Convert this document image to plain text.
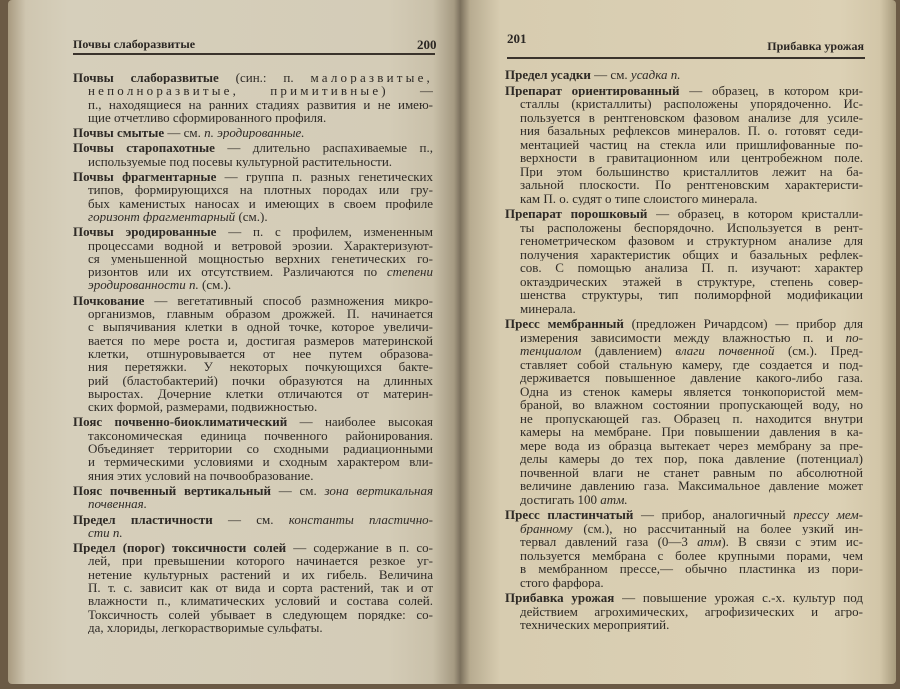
Почвы слаборазвитые	200	201	Прибавка урожая
Почвы слаборазвитые (син.: п. малоразвитые,
неполноразвитые, примитивные) —
п., находящиеся на ранних стадиях развития и не имею-
щие отчетливо сформированного профиля.
Почвы смытые — см. п. эродированные.
Почвы старопахотные — длительно распахиваемые п.,
используемые под посевы культурной растительности.
Почвы фрагментарные — группа п. разных генетических
типов, формирующихся на плотных породах или гру-
бых каменистых наносах и имеющих в своем профиле
горизонт фрагментарный (см.).
Почвы эродированные — п. с профилем, измененным
процессами водной и ветровой эрозии. Характеризуют-
ся уменьшенной мощностью верхних генетических го-
ризонтов или их отсутствием. Различаются по степени
эродированности п. (см.).
Почкование — вегетативный способ размножения микро-
организмов, главным образом дрожжей. П. начинается
с выпячивания клетки в одной точке, которое увеличи-
вается по мере роста и, достигая размеров материнской
клетки, отшнуровывается от нее путем образова-
ния перетяжки. У некоторых почкующихся бакте-
рий (бластобактерий) почки образуются на длинных
выростах. Дочерние клетки отличаются от материн-
ских формой, размерами, подвижностью.
Пояс почвенно-биоклиматический — наиболее высокая
таксономическая единица почвенного районирования.
Объединяет территории со сходными радиационными
и термическими условиями и сходным характером вли-
яния этих условий на почвообразование.
Пояс почвенный вертикальный — см. зона вертикальная
почвенная.
Предел пластичности — см. константы пластично-
сти п.
Предел (порог) токсичности солей — содержание в п. со-
лей, при превышении которого начинается резкое уг-
нетение культурных растений и их гибель. Величина
П. т. с. зависит как от вида и сорта растений, так и от
влажности п., климатических условий и состава солей.
Токсичность солей убывает в следующем порядке: со-
да, хлориды, легкорастворимые сульфаты.
Предел усадки — см. усадка п.
Препарат ориентированный — образец, в котором кри-
сталлы (кристаллиты) расположены упорядоченно. Ис-
пользуется в рентгеновском фазовом анализе для усиле-
ния базальных рефлексов минералов. П. о. готовят седи-
ментацией частиц на стекла или пришлифованные по-
верхности в гравитационном или центробежном поле.
При этом большинство кристаллитов лежит на ба-
зальной плоскости. По рентгеновским характеристи-
кам П. о. судят о типе слоистого минерала.
Препарат порошковый — образец, в котором кристалли-
ты расположены беспорядочно. Используется в рент-
генометрическом фазовом и структурном анализе для
получения характеристик общих и базальных рефлек-
сов. С помощью анализа П. п. изучают: характер
октаэдрических этажей в структуре, степень совер-
шенства структуры, тип полиморфной модификации
минерала.
Пресс мембранный (предложен Ричардсом) — прибор для
измерения зависимости между влажностью п. и по-
тенциалом (давлением) влаги почвенной (см.). Пред-
ставляет собой стальную камеру, где создается и под-
держивается повышенное давление какого-либо газа.
Одна из стенок камеры является тонкопористой мем-
браной, во влажном состоянии пропускающей воду, но
не пропускающей газ. Образец п. находится внутри
камеры на мембране. При повышении давления в ка-
мере вода из образца вытекает через мембрану за пре-
делы камеры до тех пор, пока давление (потенциал)
почвенной влаги не станет равным по абсолютной
величине давлению газа. Максимальное давление может
достигать 100 атм.
Пресс пластинчатый — прибор, аналогичный прессу мем-
бранному (см.), но рассчитанный на более узкий ин-
тервал давлений газа (0—3 атм). В связи с этим ис-
пользуется мембрана с более крупными порами, чем
в мембранном прессе,— обычно пластинка из пори-
стого фарфора.
Прибавка урожая — повышение урожая с.-х. культур под
действием агрохимических, агрофизических и агро-
технических мероприятий.
